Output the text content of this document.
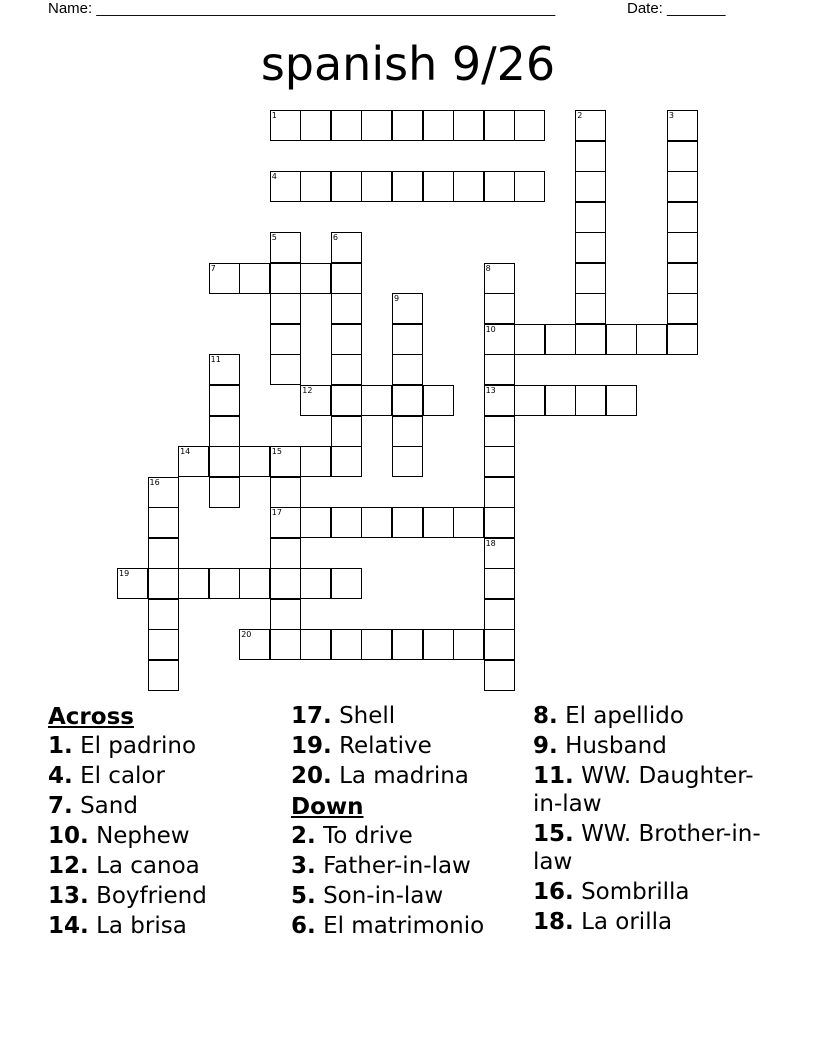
Name: _______________________________________________________	Date: _______
spanish 9/26
1	2	3
4
5	6
7	8
9
10
11
12	13
14	15
16
17
18
19
20
Across
1. El padrino
4. El calor
7. Sand
10. Nephew
12. La canoa
13. Boyfriend
14. La brisa
17. Shell
19. Relative
20. La madrina
Down
2. To drive
3. Father-in-law
5. Son-in-law
6. El matrimonio
8. El apellido
9. Husband
11. WW. Daughter-in-law
15. WW. Brother-in-law
16. Sombrilla
18. La orilla
